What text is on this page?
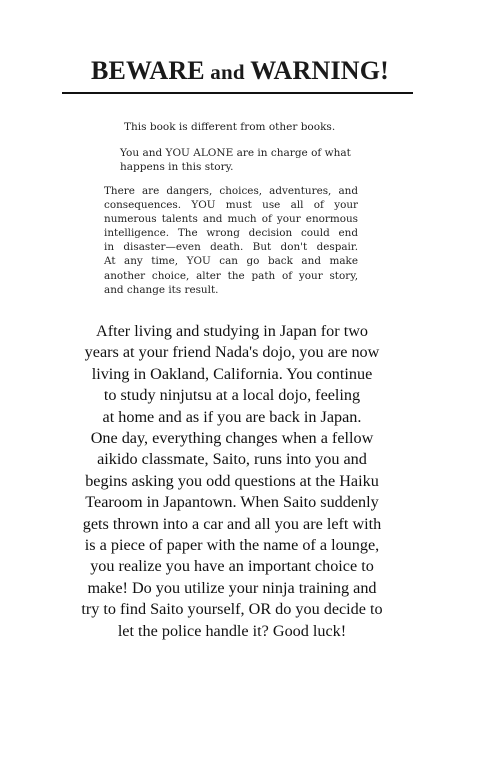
BEWARE and WARNING!

This book is different from other books.

You and YOU ALONE are in charge of what
happens in this story.

There are dangers, choices, adventures, and
consequences. YOU must use all of your
numerous talents and much of your enormous
intelligence. The wrong decision could end
in disaster—even death. But don't despair.
At any time, YOU can go back and make
another choice, alter the path of your story,
and change its result.

After living and studying in Japan for two
years at your friend Nada's dojo, you are now
living in Oakland, California. You continue
to study ninjutsu at a local dojo, feeling
at home and as if you are back in Japan.
One day, everything changes when a fellow
aikido classmate, Saito, runs into you and
begins asking you odd questions at the Haiku
Tearoom in Japantown. When Saito suddenly
gets thrown into a car and all you are left with
is a piece of paper with the name of a lounge,
you realize you have an important choice to
make! Do you utilize your ninja training and
try to find Saito yourself, OR do you decide to
let the police handle it? Good luck!
